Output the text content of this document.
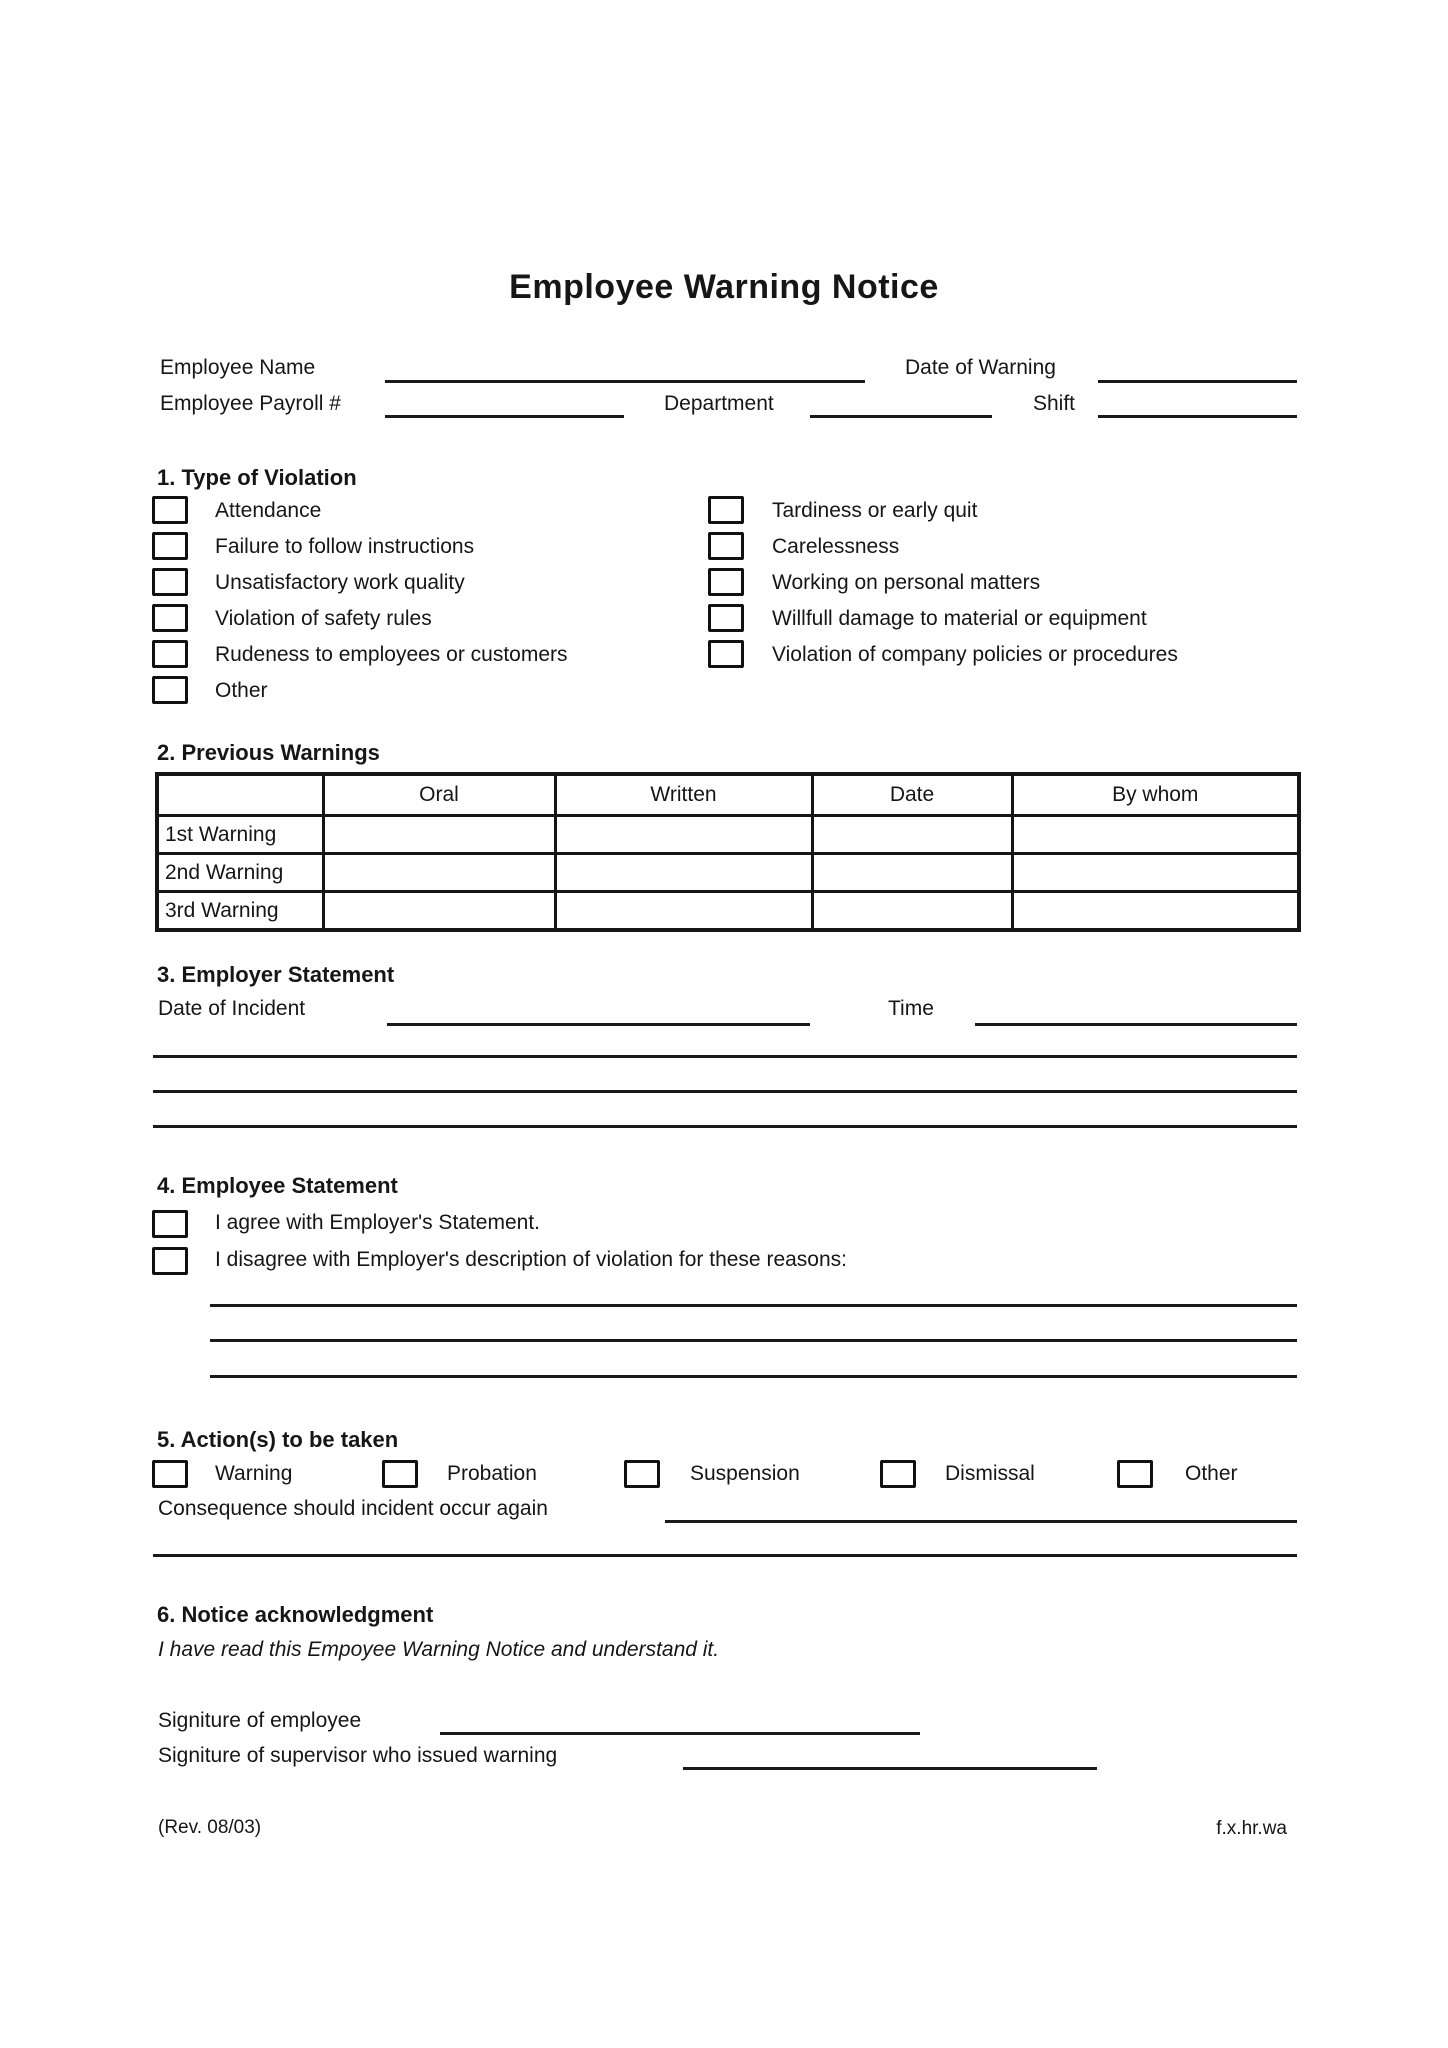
Employee Warning Notice
Employee Name	Date of Warning
Employee Payroll #	Department	Shift
1. Type of Violation
Attendance
Failure to follow instructions
Unsatisfactory work quality
Violation of safety rules
Rudeness to employees or customers
Other
Tardiness or early quit
Carelessness
Working on personal matters
Willfull damage to material or equipment
Violation of company policies or procedures
2. Previous Warnings
	Oral	Written	Date	By whom
1st Warning				
2nd Warning				
3rd Warning				
3. Employer Statement
Date of Incident	Time
4. Employee Statement
I agree with Employer's Statement.
I disagree with Employer's description of violation for these reasons:
5. Action(s) to be taken
Warning	Probation	Suspension	Dismissal	Other
Consequence should incident occur again
6. Notice acknowledgment
I have read this Empoyee Warning Notice and understand it.
Signiture of employee
Signiture of supervisor who issued warning
(Rev. 08/03)	f.x.hr.wa
